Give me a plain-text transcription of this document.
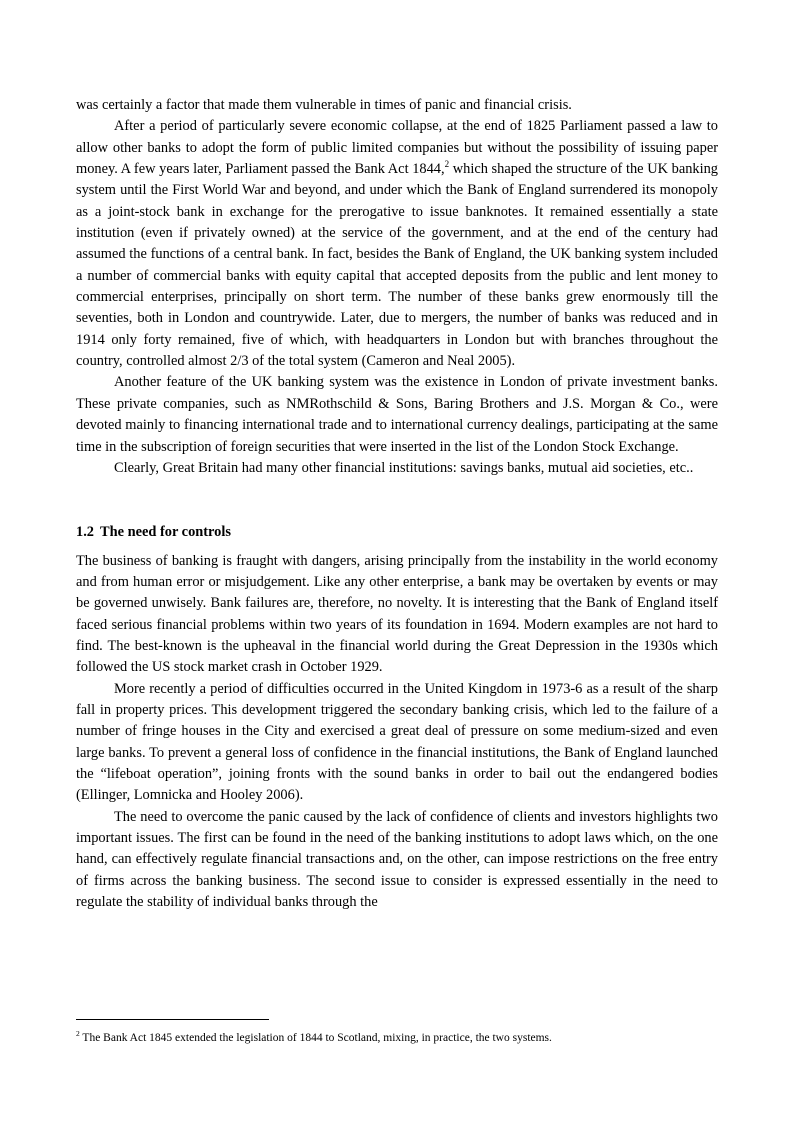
was certainly a factor that made them vulnerable in times of panic and financial crisis.

After a period of particularly severe economic collapse, at the end of 1825 Parliament passed a law to allow other banks to adopt the form of public limited companies but without the possibility of issuing paper money. A few years later, Parliament passed the Bank Act 1844,$^2$ which shaped the structure of the UK banking system until the First World War and beyond, and under which the Bank of England surrendered its monopoly as a joint-stock bank in exchange for the prerogative to issue banknotes. It remained essentially a state institution (even if privately owned) at the service of the government, and at the end of the century had assumed the functions of a central bank. In fact, besides the Bank of England, the UK banking system included a number of commercial banks with equity capital that accepted deposits from the public and lent money to commercial enterprises, principally on short term. The number of these banks grew enormously till the seventies, both in London and countrywide. Later, due to mergers, the number of banks was reduced and in 1914 only forty remained, five of which, with headquarters in London but with branches throughout the country, controlled almost 2/3 of the total system (Cameron and Neal 2005).

Another feature of the UK banking system was the existence in London of private investment banks. These private companies, such as NMRothschild & Sons, Baring Brothers and J.S. Morgan & Co., were devoted mainly to financing international trade and to international currency dealings, participating at the same time in the subscription of foreign securities that were inserted in the list of the London Stock Exchange.

Clearly, Great Britain had many other financial institutions: savings banks, mutual aid societies, etc..

1.2 The need for controls

The business of banking is fraught with dangers, arising principally from the instability in the world economy and from human error or misjudgement. Like any other enterprise, a bank may be overtaken by events or may be governed unwisely. Bank failures are, therefore, no novelty. It is interesting that the Bank of England itself faced serious financial problems within two years of its foundation in 1694. Modern examples are not hard to find. The best-known is the upheaval in the financial world during the Great Depression in the 1930s which followed the US stock market crash in October 1929.

More recently a period of difficulties occurred in the United Kingdom in 1973-6 as a result of the sharp fall in property prices. This development triggered the secondary banking crisis, which led to the failure of a number of fringe houses in the City and exercised a great deal of pressure on some medium-sized and even large banks. To prevent a general loss of confidence in the financial institutions, the Bank of England launched the “lifeboat operation”, joining fronts with the sound banks in order to bail out the endangered bodies (Ellinger, Lomnicka and Hooley 2006).

The need to overcome the panic caused by the lack of confidence of clients and investors highlights two important issues. The first can be found in the need of the banking institutions to adopt laws which, on the one hand, can effectively regulate financial transactions and, on the other, can impose restrictions on the free entry of firms across the banking business. The second issue to consider is expressed essentially in the need to regulate the stability of individual banks through the

$^2$ The Bank Act 1845 extended the legislation of 1844 to Scotland, mixing, in practice, the two systems.
